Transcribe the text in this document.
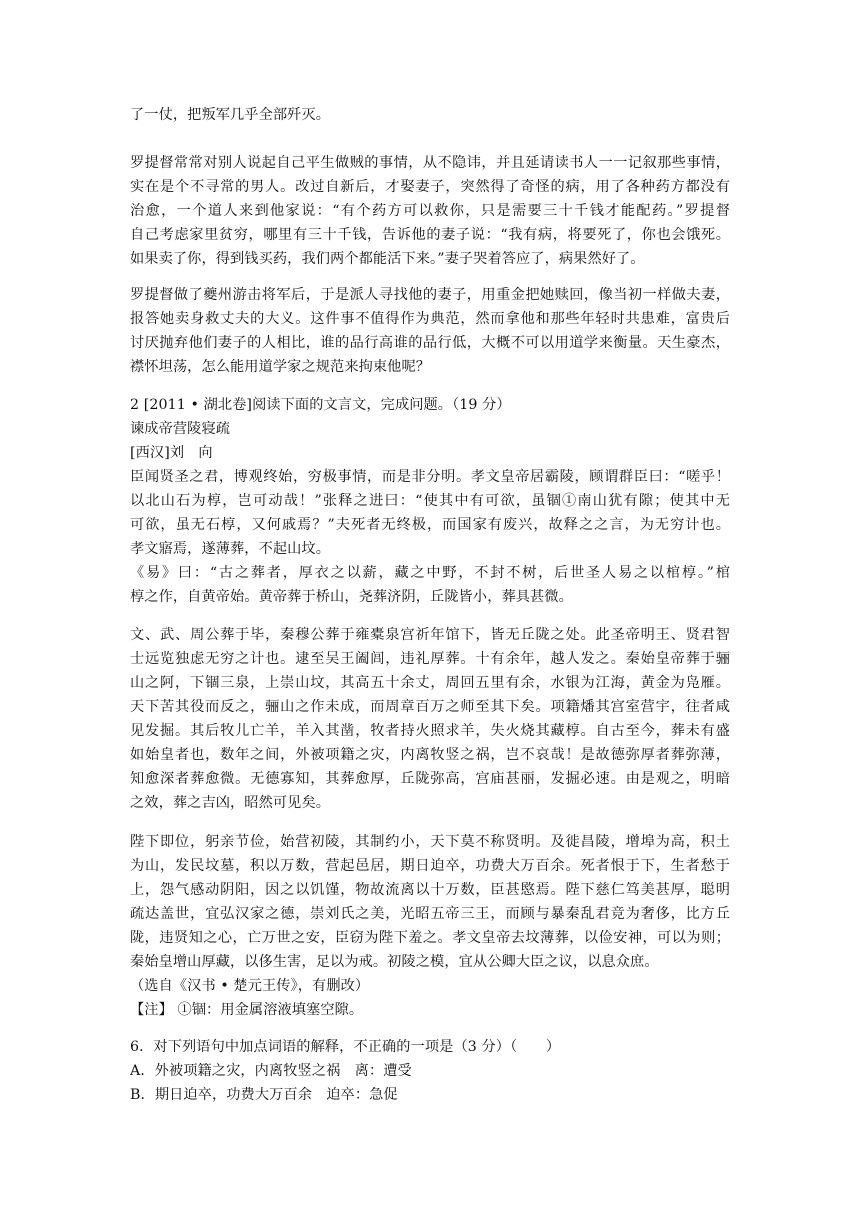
了一仗，把叛军几乎全部歼灭。
罗提督常常对别人说起自己平生做贼的事情，从不隐讳，并且延请读书人一一记叙那些事情，
实在是个不寻常的男人。改过自新后，才娶妻子，突然得了奇怪的病，用了各种药方都没有
治愈，一个道人来到他家说：“有个药方可以救你，只是需要三十千钱才能配药。”罗提督
自己考虑家里贫穷，哪里有三十千钱，告诉他的妻子说：“我有病，将要死了，你也会饿死。
如果卖了你，得到钱买药，我们两个都能活下来。”妻子哭着答应了，病果然好了。
罗提督做了夔州游击将军后，于是派人寻找他的妻子，用重金把她赎回，像当初一样做夫妻，
报答她卖身救丈夫的大义。这件事不值得作为典范，然而拿他和那些年轻时共患难，富贵后
讨厌抛弃他们妻子的人相比，谁的品行高谁的品行低，大概不可以用道学来衡量。天生豪杰，
襟怀坦荡，怎么能用道学家之规范来拘束他呢？
2 [2011 • 湖北卷]阅读下面的文言文，完成问题。（19 分）
谏成帝营陵寝疏
[西汉]刘　向
臣闻贤圣之君，博观终始，穷极事情，而是非分明。孝文皇帝居霸陵，顾谓群臣曰：“嗟乎！
以北山石为椁，岂可动哉！”张释之进曰：“使其中有可欲，虽锢①南山犹有隙；使其中无
可欲，虽无石椁，又何戚焉？”夫死者无终极，而国家有废兴，故释之之言，为无穷计也。
孝文寤焉，遂薄葬，不起山坟。
《易》曰：“古之葬者，厚衣之以薪，藏之中野，不封不树，后世圣人易之以棺椁。”棺
椁之作，自黄帝始。黄帝葬于桥山，尧葬济阴，丘陇皆小，葬具甚微。
文、武、周公葬于毕，秦穆公葬于雍橐泉宫祈年馆下，皆无丘陇之处。此圣帝明王、贤君智
士远览独虑无穷之计也。逮至吴王阖闾，违礼厚葬。十有余年，越人发之。秦始皇帝葬于骊
山之阿，下锢三泉，上崇山坟，其高五十余丈，周回五里有余，水银为江海，黄金为凫雁。
天下苦其役而反之，骊山之作未成，而周章百万之师至其下矣。项籍燔其宫室营宇，往者咸
见发掘。其后牧儿亡羊，羊入其凿，牧者持火照求羊，失火烧其藏椁。自古至今，葬未有盛
如始皇者也，数年之间，外被项籍之灾，内离牧竖之祸，岂不哀哉！是故德弥厚者葬弥薄，
知愈深者葬愈微。无德寡知，其葬愈厚，丘陇弥高，宫庙甚丽，发掘必速。由是观之，明暗
之效，葬之吉凶，昭然可见矣。
陛下即位，躬亲节俭，始营初陵，其制约小，天下莫不称贤明。及徙昌陵，增埠为高，积土
为山，发民坟墓，积以万数，营起邑居，期日迫卒，功费大万百余。死者恨于下，生者愁于
上，怨气感动阴阳，因之以饥馑，物故流离以十万数，臣甚愍焉。陛下慈仁笃美甚厚，聪明
疏达盖世，宜弘汉家之德，崇刘氏之美，光昭五帝三王，而顾与暴秦乱君竞为奢侈，比方丘
陇，违贤知之心，亡万世之安，臣窃为陛下羞之。孝文皇帝去坟薄葬，以俭安神，可以为则；
秦始皇增山厚藏，以侈生害，足以为戒。初陵之模，宜从公卿大臣之议，以息众庶。
（选自《汉书 • 楚元王传》，有删改）
【注】 ①锢：用金属溶液填塞空隙。
6．对下列语句中加点词语的解释，不正确的一项是（3 分）（　　）
A．外被项籍之灾，内离牧竖之祸　离：遭受
B．期日迫卒，功费大万百余　迫卒：急促
